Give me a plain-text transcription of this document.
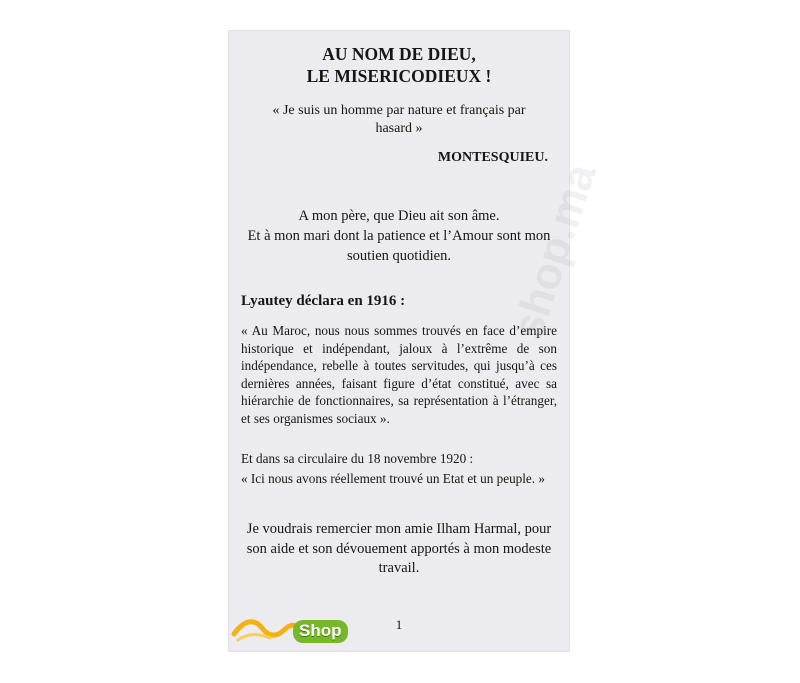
shop.ma
AU NOM DE DIEU,
LE MISERICODIEUX !
« Je suis un homme par nature et français par hasard »
MONTESQUIEU.
A mon père, que Dieu ait son âme.
Et à mon mari dont la patience et l’Amour sont mon soutien quotidien.
Lyautey déclara en 1916 :
« Au Maroc, nous nous sommes trouvés en face d’empire historique et indépendant, jaloux à l’extrême de son indépendance, rebelle à toutes servitudes, qui jusqu’à ces dernières années, faisant figure d’état constitué, avec sa hiérarchie de fonctionnaires, sa représentation à l’étranger, et ses organismes sociaux ».
Et dans sa circulaire du 18 novembre 1920 :
« Ici nous avons réellement trouvé un Etat et un peuple. »
Je voudrais remercier mon amie Ilham Harmal, pour son aide et son dévouement apportés à mon modeste travail.
1
Shop
